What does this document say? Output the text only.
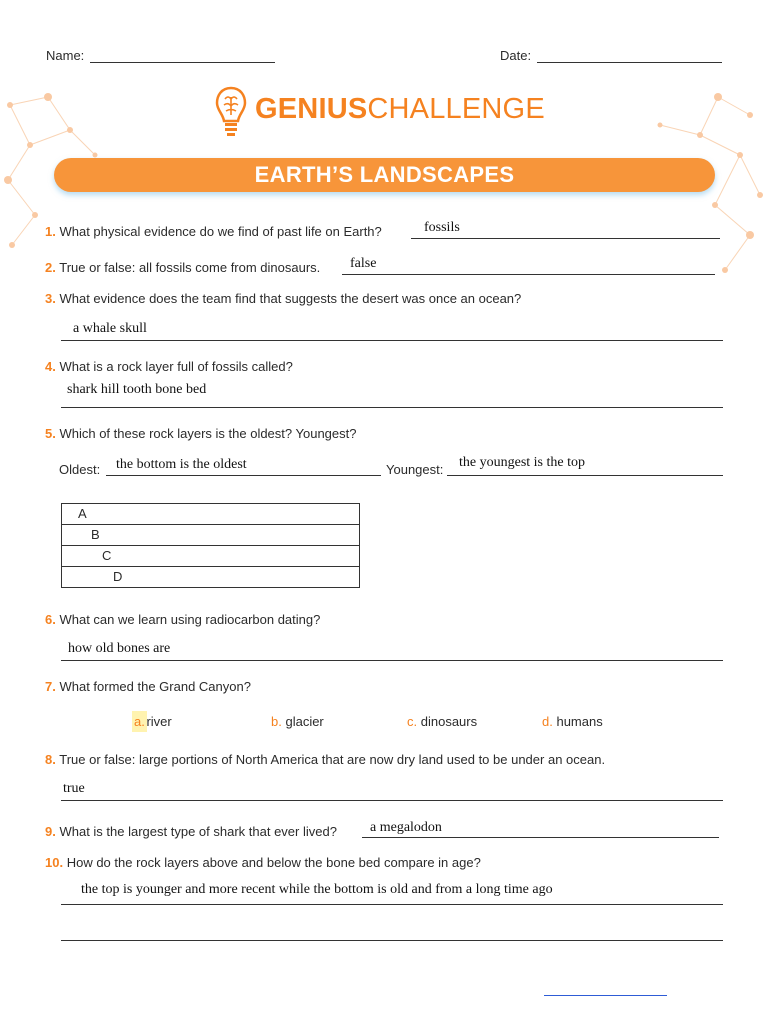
Name:	Date:
GENIUSCHALLENGE
EARTH’S LANDSCAPES
1. What physical evidence do we find of past life on Earth?	fossils
2. True or false: all fossils come from dinosaurs. false
3. What evidence does the team find that suggests the desert was once an ocean?
a whale skull
4. What is a rock layer full of fossils called?
shark hill tooth bone bed
5. Which of these rock layers is the oldest? Youngest?
Oldest: the bottom is the oldest	Youngest: the youngest is the top
A
B
C
D
6. What can we learn using radiocarbon dating?
how old bones are
7. What formed the Grand Canyon?
a. river	b. glacier	c. dinosaurs	d. humans
8. True or false: large portions of North America that are now dry land used to be under an ocean.
true
9. What is the largest type of shark that ever lived? a megalodon
10. How do the rock layers above and below the bone bed compare in age?
the top is younger and more recent while the bottom is old and from a long time ago
